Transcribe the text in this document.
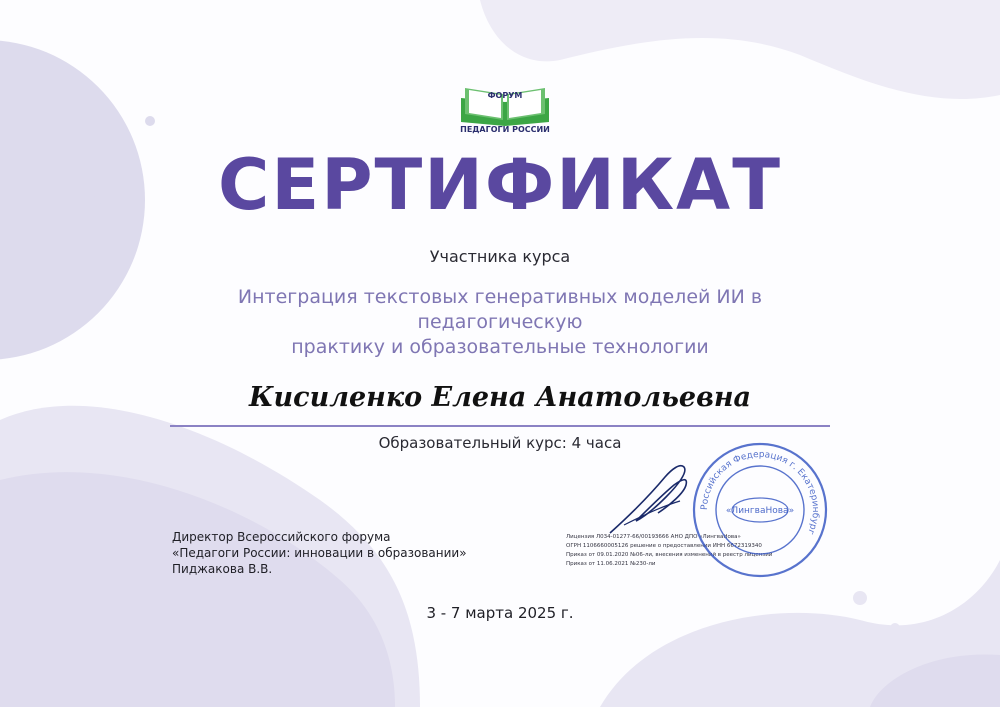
ФОРУМ
ПЕДАГОГИ РОССИИ
СЕРТИФИКАТ
Участника курса
Интеграция текстовых генеративных моделей ИИ в педагогическую
практику и образовательные технологии
Кисиленко Елена Анатольевна
Образовательный курс: 4 часа
Директор Всероссийского форума
«Педагоги России: инновации в образовании»
Пиджакова В.В.
Лицензия Л034-01277-66/00193666 АНО ДПО «ЛингваНова»
ОГРН 1106660005126 решение о предоставлении ИНН 6672319340
Приказ от 09.01.2020 №06-ли, внесения изменений в реестр лицензий
Приказ от 11.06.2021 №230-ли
Российская Федерация г. Екатеринбург
«ЛингваНова»
3 - 7 марта 2025 г.
